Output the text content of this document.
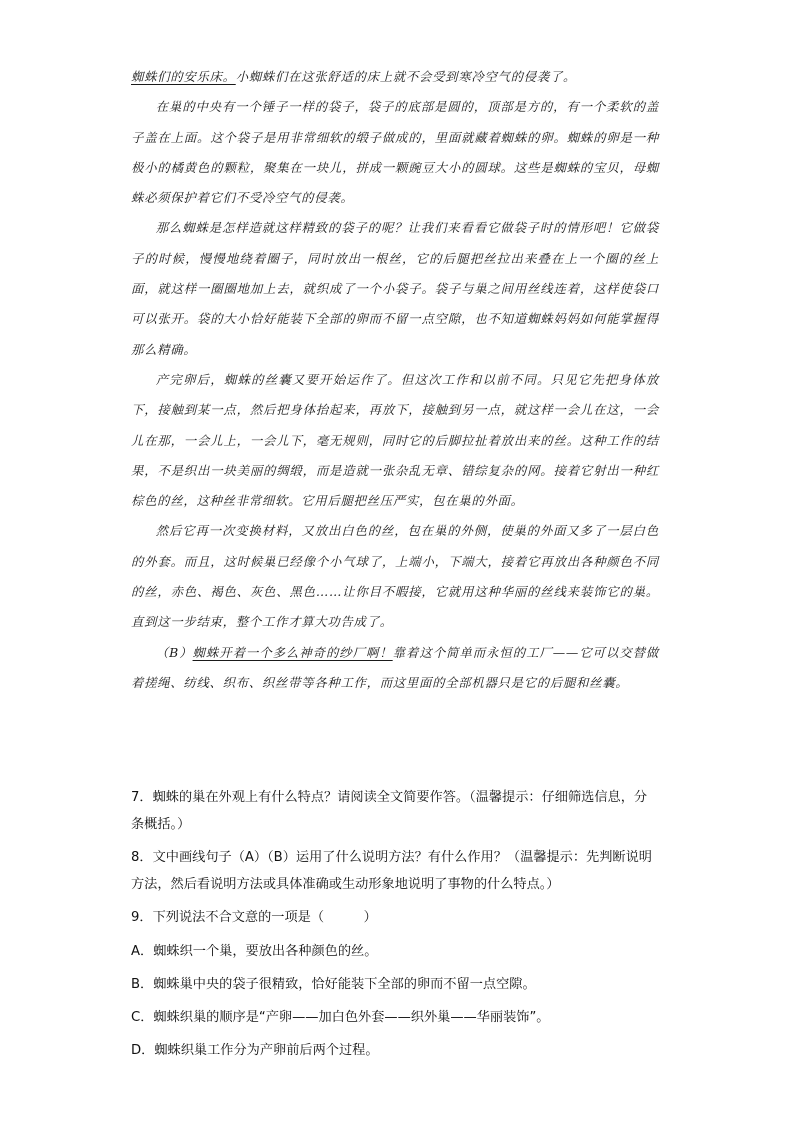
蜘蛛们的安乐床。小蜘蛛们在这张舒适的床上就不会受到寒冷空气的侵袭了。

在巢的中央有一个锤子一样的袋子，袋子的底部是圆的，顶部是方的，有一个柔软的盖子盖在上面。这个袋子是用非常细软的缎子做成的，里面就藏着蜘蛛的卵。蜘蛛的卵是一种极小的橘黄色的颗粒，聚集在一块儿，拼成一颗豌豆大小的圆球。这些是蜘蛛的宝贝，母蜘蛛必须保护着它们不受冷空气的侵袭。

那么蜘蛛是怎样造就这样精致的袋子的呢？让我们来看看它做袋子时的情形吧！它做袋子的时候，慢慢地绕着圈子，同时放出一根丝，它的后腿把丝拉出来叠在上一个圈的丝上面，就这样一圈圈地加上去，就织成了一个小袋子。袋子与巢之间用丝线连着，这样使袋口可以张开。袋的大小恰好能装下全部的卵而不留一点空隙，也不知道蜘蛛妈妈如何能掌握得那么精确。

产完卵后，蜘蛛的丝囊又要开始运作了。但这次工作和以前不同。只见它先把身体放下，接触到某一点，然后把身体抬起来，再放下，接触到另一点，就这样一会儿在这，一会儿在那，一会儿上，一会儿下，毫无规则，同时它的后脚拉扯着放出来的丝。这种工作的结果，不是织出一块美丽的绸缎，而是造就一张杂乱无章、错综复杂的网。接着它射出一种红棕色的丝，这种丝非常细软。它用后腿把丝压严实，包在巢的外面。

然后它再一次变换材料，又放出白色的丝，包在巢的外侧，使巢的外面又多了一层白色的外套。而且，这时候巢已经像个小气球了，上端小，下端大，接着它再放出各种颜色不同的丝，赤色、褐色、灰色、黑色……让你目不暇接，它就用这种华丽的丝线来装饰它的巢。直到这一步结束，整个工作才算大功告成了。

（B）蜘蛛开着一个多么神奇的纱厂啊！靠着这个简单而永恒的工厂——它可以交替做着搓绳、纺线、织布、织丝带等各种工作，而这里面的全部机器只是它的后腿和丝囊。

7．蜘蛛的巢在外观上有什么特点？请阅读全文简要作答。（温馨提示：仔细筛选信息，分条概括。）

8．文中画线句子（A）（B）运用了什么说明方法？有什么作用？（温馨提示：先判断说明方法，然后看说明方法或具体准确或生动形象地说明了事物的什么特点。）

9．下列说法不合文意的一项是（　　　）

A．蜘蛛织一个巢，要放出各种颜色的丝。

B．蜘蛛巢中央的袋子很精致，恰好能装下全部的卵而不留一点空隙。

C．蜘蛛织巢的顺序是“产卵——加白色外套——织外巢——华丽装饰”。

D．蜘蛛织巢工作分为产卵前后两个过程。
